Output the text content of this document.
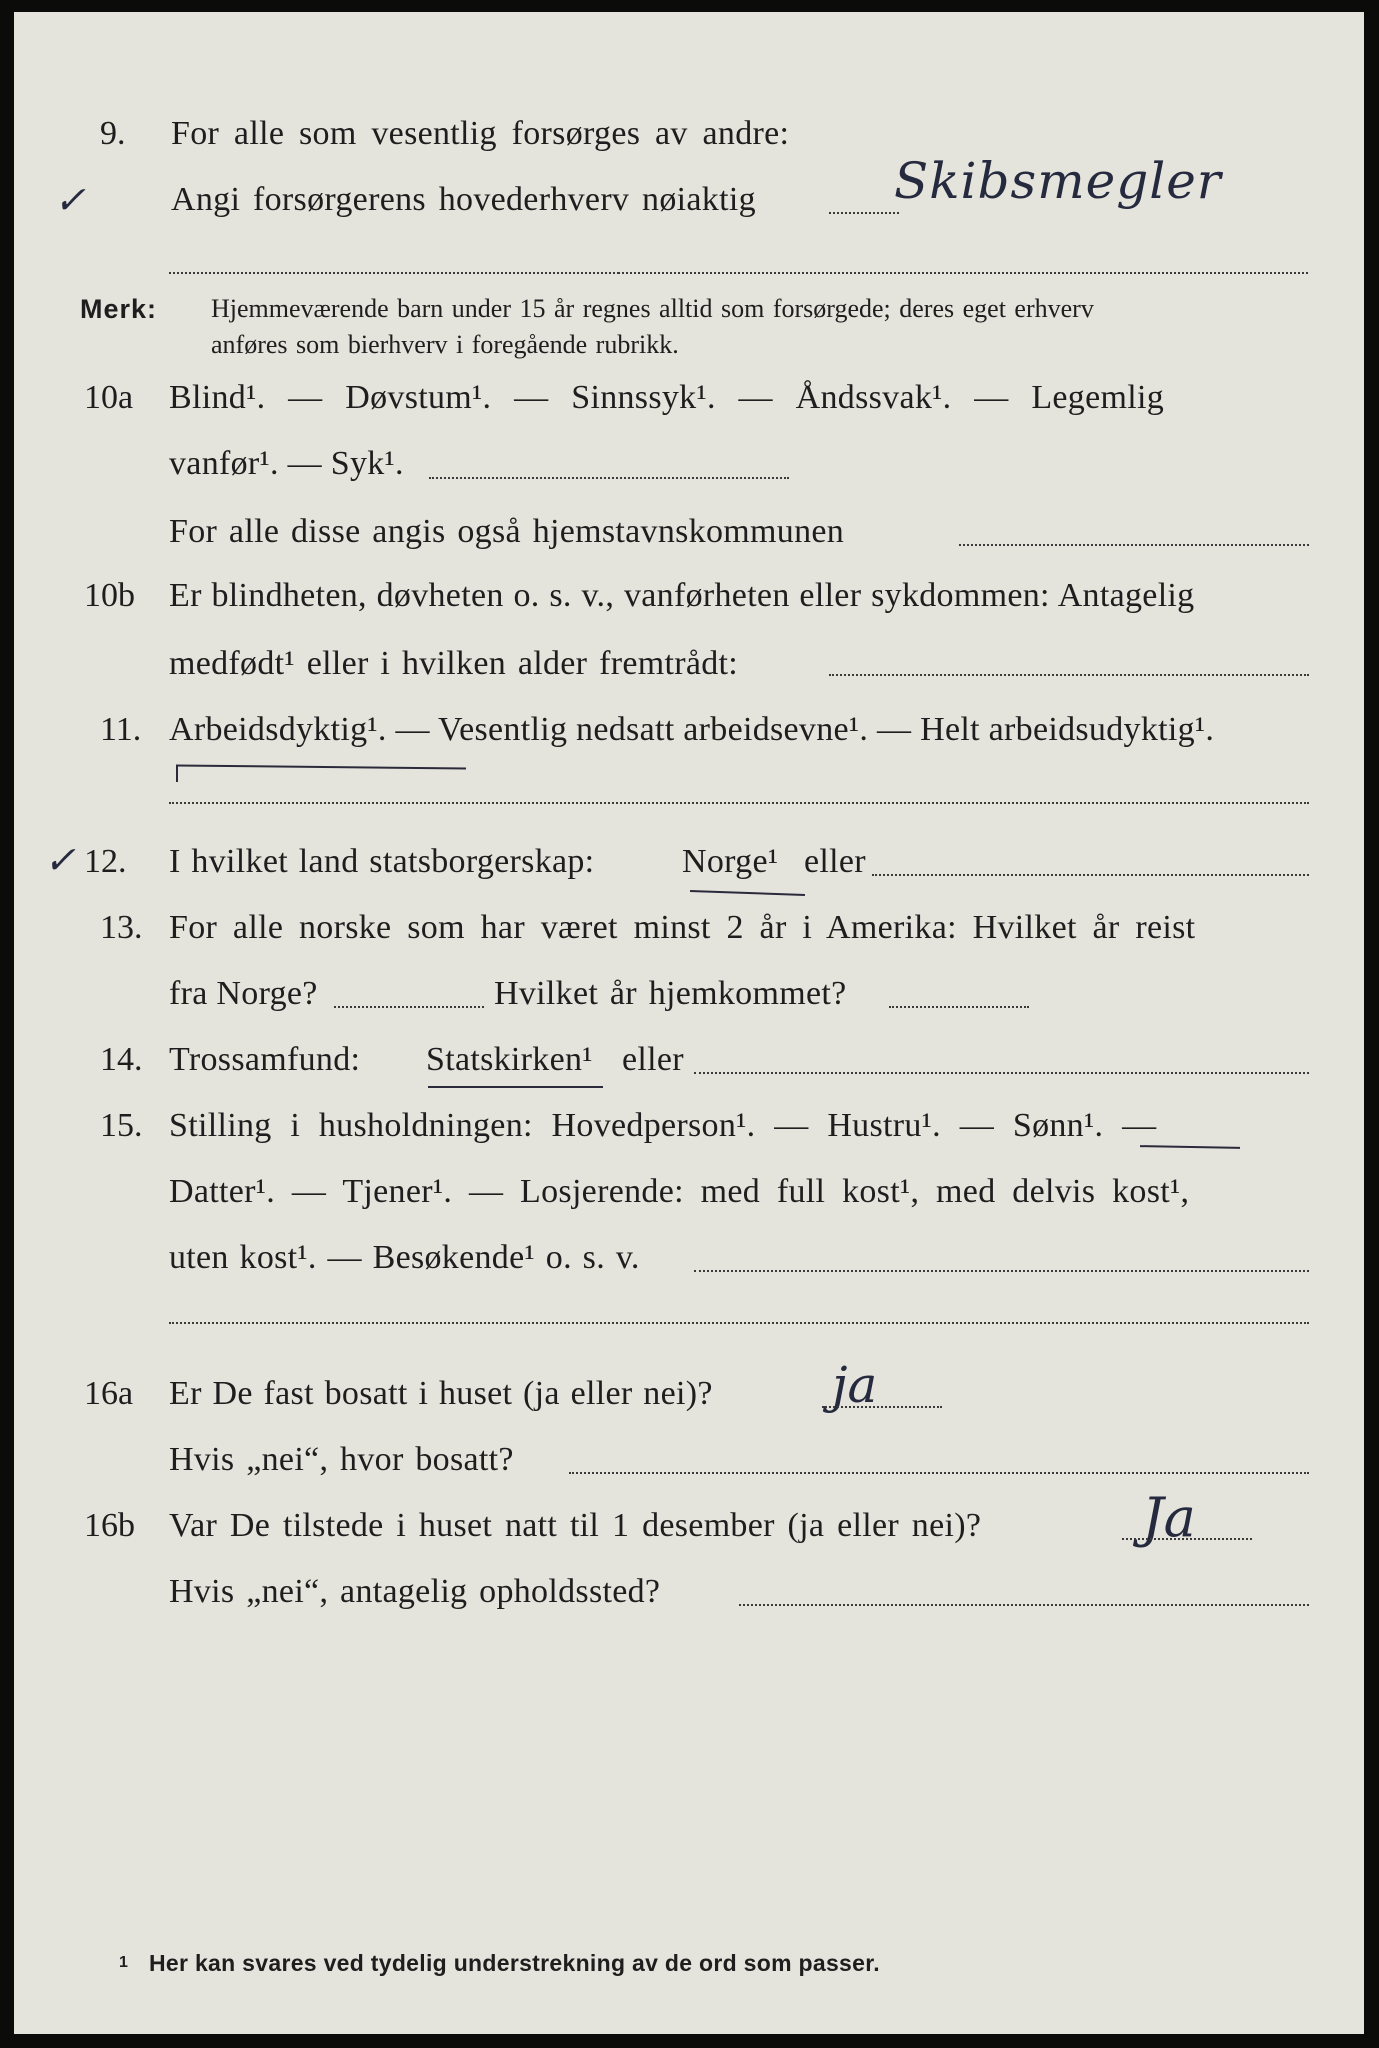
9. For alle som vesentlig forsørges av andre:
✓	Angi forsørgerens hovederhverv nøiaktig	Skibsmegler
Merk: Hjemmeværende barn under 15 år regnes alltid som forsørgede; deres eget erhverv
anføres som bierhverv i foregående rubrikk.
10a Blind¹. — Døvstum¹. — Sinnssyk¹. — Åndssvak¹. — Legemlig
vanfør¹. — Syk¹.
For alle disse angis også hjemstavnskommunen
10b Er blindheten, døvheten o. s. v., vanførheten eller sykdommen: Antagelig
medfødt¹ eller i hvilken alder fremtrådt:
11. Arbeidsdyktig¹. — Vesentlig nedsatt arbeidsevne¹. — Helt arbeidsudyktig¹.
✓ 12. I hvilket land statsborgerskap:	Norge¹ eller
13. For alle norske som har været minst 2 år i Amerika: Hvilket år reist
fra Norge?	Hvilket år hjemkommet?
14. Trossamfund: Statskirken¹ eller
15. Stilling i husholdningen: Hovedperson¹. — Hustru¹. — Sønn¹. —
Datter¹. — Tjener¹. — Losjerende: med full kost¹, med delvis kost¹,
uten kost¹. — Besøkende¹ o. s. v.
16a Er De fast bosatt i huset (ja eller nei)? ja
Hvis „nei“, hvor bosatt?
16b Var De tilstede i huset natt til 1 desember (ja eller nei)?	Ja
Hvis „nei“, antagelig opholdssted?
1 Her kan svares ved tydelig understrekning av de ord som passer.
